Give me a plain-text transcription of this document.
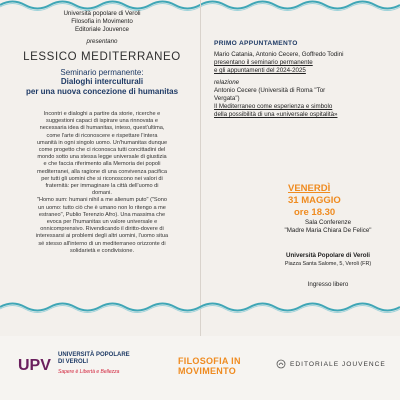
Università popolare di Veroli
Filosofia in Movimento
Editoriale Jouvence
presentano
LESSICO MEDITERRANEO
Seminario permanente:
Dialoghi interculturali
per una nuova concezione di humanitas
Incontri e dialoghi a partire da storie, ricerche e
suggestioni capaci di ispirare una rinnovata e
necessaria idea di humanitas, inteso, quest'ultima,
come l'arte di riconoscere e rispettare l'intera
umanità in ogni singolo uomo. Un'humanitas dunque
come progetto che ci riconosca tutti concittadini del
mondo sotto una stessa legge universale di giustizia
e che faccia riferimento alla Memoria dei popoli
mediterranei, alla ragione di una convivenza pacifica
per tutti gli uomini che si riconoscono nei valori di
fraternità: per immaginare la città dell'uomo di
domani.
"Homo sum: humani nihil a me alienum puto" ("Sono
un uomo: tutto ciò che è umano non lo ritengo a me
estraneo", Publio Terenzio Afro). Una massima che
evoca per l'humanitas un valore universale e
onnicomprensivo. Rivendicando il diritto-dovere di
interessarsi ai problemi degli altri uomini, l'uomo situa
sé stesso all'interno di un mediterraneo orizzonte di
solidarietà e condivisione.
PRIMO APPUNTAMENTO
Mario Catania, Antonio Cecere, Goffredo Todini
presentano il seminario permanente
e gli appuntamenti del 2024-2025
relazione
Antonio Cecere (Università di Roma "Tor
Vergata")
Il Mediterraneo come esperienza e simbolo
della possibilità di una «universale ospitalità»
VENERDÌ
31 MAGGIO
ore 18.30
Sala Conferenze
"Madre Maria Chiara De Felice"
Università Popolare di Veroli
Piazza Santa Salome, 5, Veroli (FR)
Ingresso libero
UPV
UNIVERSITÀ POPOLARE
DI VEROLI
Sapere è Libertà e Bellezza
FILOSOFIA IN
MOVIMENTO
EDITORIALE JOUVENCE
